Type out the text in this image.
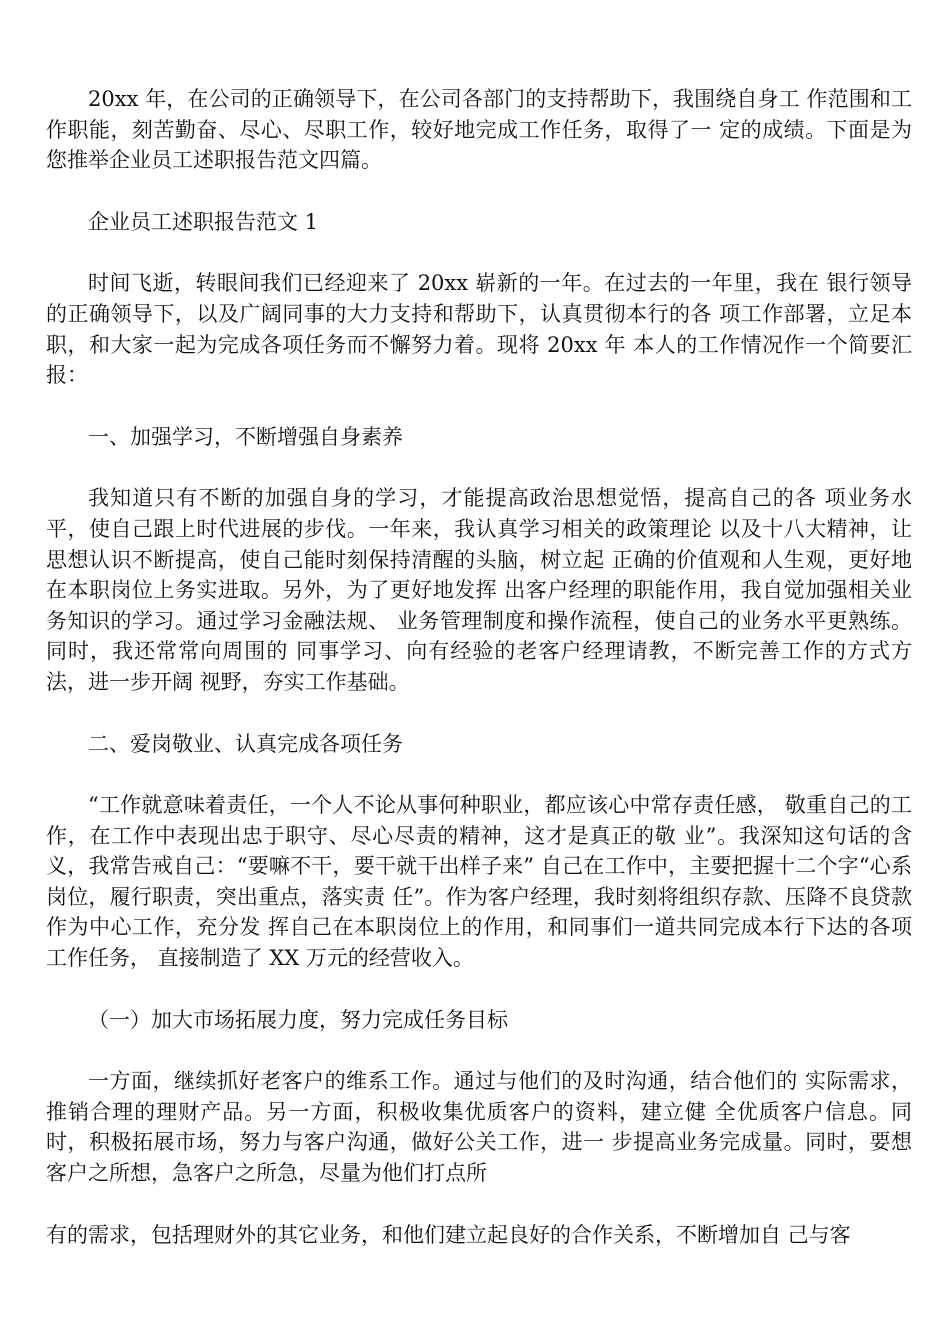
20xx 年，在公司的正确领导下，在公司各部门的支持帮助下，我围绕自身工 作范围和工作职能，刻苦勤奋、尽心、尽职工作，较好地完成工作任务，取得了一 定的成绩。下面是为您推举企业员工述职报告范文四篇。

企业员工述职报告范文 1

时间飞逝，转眼间我们已经迎来了 20xx 崭新的一年。在过去的一年里，我在 银行领导的正确领导下，以及广阔同事的大力支持和帮助下，认真贯彻本行的各 项工作部署，立足本职，和大家一起为完成各项任务而不懈努力着。现将 20xx 年 本人的工作情况作一个简要汇报：

一、加强学习，不断增强自身素养

我知道只有不断的加强自身的学习，才能提高政治思想觉悟，提高自己的各 项业务水平，使自己跟上时代进展的步伐。一年来，我认真学习相关的政策理论 以及十八大精神，让思想认识不断提高，使自己能时刻保持清醒的头脑，树立起 正确的价值观和人生观，更好地在本职岗位上务实进取。另外，为了更好地发挥 出客户经理的职能作用，我自觉加强相关业务知识的学习。通过学习金融法规、 业务管理制度和操作流程，使自己的业务水平更熟练。同时，我还常常向周围的 同事学习、向有经验的老客户经理请教，不断完善工作的方式方法，进一步开阔 视野，夯实工作基础。

二、爱岗敬业、认真完成各项任务

“工作就意味着责任，一个人不论从事何种职业，都应该心中常存责任感， 敬重自己的工作，在工作中表现出忠于职守、尽心尽责的精神，这才是真正的敬 业”。我深知这句话的含义，我常告戒自己：“要嘛不干，要干就干出样子来” 自己在工作中，主要把握十二个字“心系岗位，履行职责，突出重点，落实责 任”。作为客户经理，我时刻将组织存款、压降不良贷款作为中心工作，充分发 挥自己在本职岗位上的作用，和同事们一道共同完成本行下达的各项工作任务， 直接制造了 XX 万元的经营收入。

（一）加大市场拓展力度，努力完成任务目标

一方面，继续抓好老客户的维系工作。通过与他们的及时沟通，结合他们的 实际需求，推销合理的理财产品。另一方面，积极收集优质客户的资料，建立健 全优质客户信息。同时，积极拓展市场，努力与客户沟通，做好公关工作，进一 步提高业务完成量。同时，要想客户之所想，急客户之所急，尽量为他们打点所

有的需求，包括理财外的其它业务，和他们建立起良好的合作关系，不断增加自 己与客
